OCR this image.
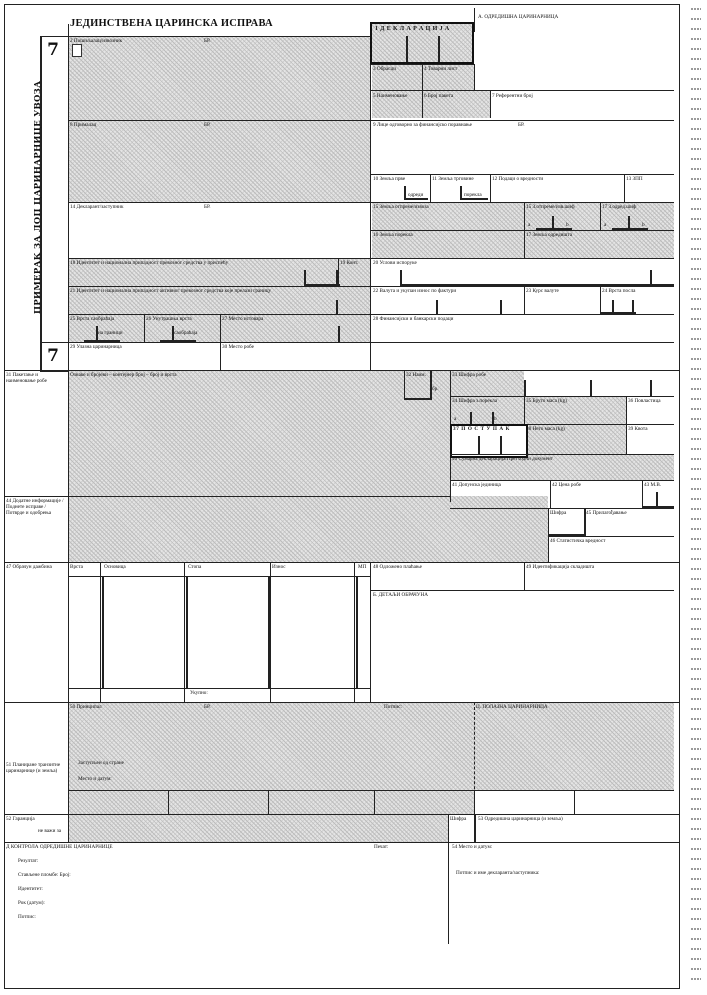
ЈЕДИНСТВЕНА ЦАРИНСКА ИСПРАВА	1 Д Е К Л А Р А Ц И Ј А
А. ОДРЕДИШНА ЦАРИНАРНИЦА
7
7
ПРИМЕРАК ЗА ЛОП ЦАРИНАРНИЦЕ УВОЗА
2 Пошиљалац/извозник	БР.
3 Обрасци	4 Товарни лист
5 Наименовање	6 Број пакета	7 Референтни број
8 Прималац	БР.	9 Лице одговорно за финансијско поравнање	БР.
10 Земља прве
одреди
11 Земља трговине
порекла
12 Подаци о вредности	13 ЗПП
14 Декларант/заступник	БР.	15 Земља отпреме/извоза	15 З.отпреме/изв.шиф	17 З.одред.шиф
a	b	a	b
16 Земља порекла	17 Земља одредишта
18 Идентитет и национална припадност превозног средства у приспећу	19 Конт.	20 Услови испоруке
21 Идентитет и национална припадност активног превозног средства које прелази границу	22 Валута и укупан износ по фактури	23 Курс валуте	24 Врста посла
25 Врста саобраћаја
на граници
26 Унутрашња врста
саобраћаја
27 Место истовара	28 Финансијски и банкарски подаци
29 Улазна царинарница	30 Место робе
31 Пакетање и наименовање робе
Ознаке и бројеви – контејнер број – број и врста	32 Наим.
бр.
33 Шифра робе
34 Шифра з.порекла
a	b
35 Бруто маса (kg)	36 Повластица
37 П О С Т У П А К	38 Нето маса (kg)	39 Квота
40 Сумарна декларација/Претходни документ
41 Допунска јединица	42 Цена робе	43 М.В.
44 Додатне информације / Поднете исправе / Потврде и одобрења	Шифра	45 Прилагођавање
46 Статистичка вредност
47 Обрачун дажбина	Врста	Основица	Стопа	Износ	МП
Укупно:
48 Одложено плаћање	49 Идентификација складишта
Б. ДЕТАЉИ ОБРАЧУНА
50 Принципал	БР.	Потпис:	Ц. ПОЛАЗНА ЦАРИНАРНИЦА
51 Планиране транзитне царинарнице (и земља)
Заступљен од стране
Место и датум:
52 Гаранција
не важи за
Шифра 53 Одредишна царинарница (и земља)
Д КОНТРОЛА ОДРЕДИШНЕ ЦАРИНАРНИЦЕ	Печат:	54 Место и датум:
Потпис и име декларанта/заступника:
Резултат:
Стављене пломбе: Број:
Идентитет:
Рок (датум):
Потпис:
